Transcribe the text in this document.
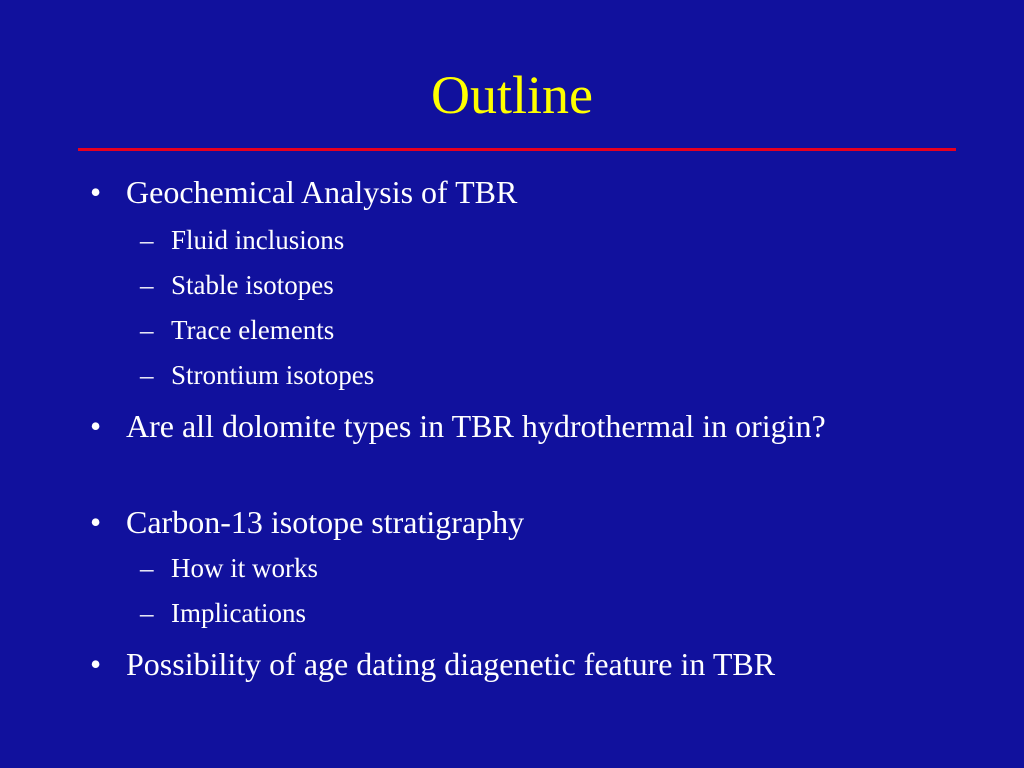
Outline
• Geochemical Analysis of TBR
– Fluid inclusions
– Stable isotopes
– Trace elements
– Strontium isotopes
• Are all dolomite types in TBR hydrothermal in origin?
• Carbon-13 isotope stratigraphy
– How it works
– Implications
• Possibility of age dating diagenetic feature in TBR
